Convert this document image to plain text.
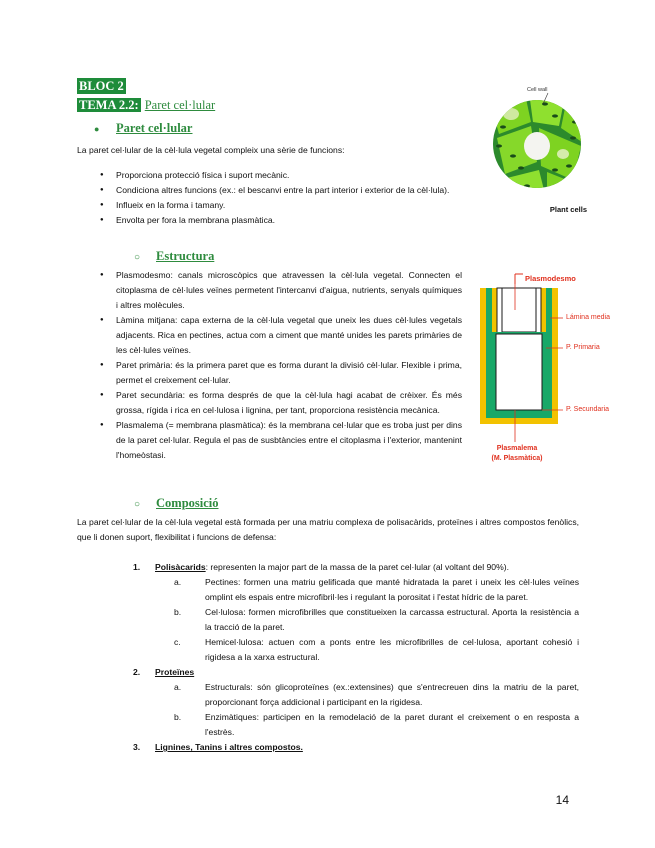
BLOC 2
TEMA 2.2: Paret cel·lular
● Paret cel·lular
La paret cel·lular de la cèl·lula vegetal compleix una sèrie de funcions:
● Proporciona protecció física i suport mecànic.
● Condiciona altres funcions (ex.: el bescanvi entre la part interior i exterior de la cèl·lula).
● Influeix en la forma i tamany.
● Envolta per fora la membrana plasmàtica.
Plant cells
Cell wall
○ Estructura
● Plasmodesmo: canals microscòpics que atravessen la cèl·lula vegetal. Connecten el citoplasma de cèl·lules veïnes permetent l'intercanvi d'aigua, nutrients, senyals químiques i altres molècules.
● Làmina mitjana: capa externa de la cèl·lula vegetal que uneix les dues cèl·lules vegetals adjacents. Rica en pectines, actua com a ciment que manté unides les parets primàries de les cèl·lules veïnes.
● Paret primària: és la primera paret que es forma durant la divisió cèl·lular. Flexible i prima, permet el creixement cel·lular.
● Paret secundària: es forma després de que la cèl·lula hagi acabat de crèixer. És més grossa, rígida i rica en cel·lulosa i lignina, per tant, proporciona resistència mecànica.
● Plasmalema (= membrana plasmàtica): és la membrana cel·lular que es troba just per dins de la paret cel·lular. Regula el pas de susbtàncies entre el citoplasma i l'exterior, mantenint l'homeòstasi.
Plasmodesmo
Lámina media
P. Primaria
P. Secundaria
Plasmalema
(M. Plasmàtica)
○ Composició
La paret cel·lular de la cèl·lula vegetal està formada per una matriu complexa de polisacàrids, proteïnes i altres compostos fenòlics, que li donen suport, flexibilitat i funcions de defensa:
1. Polisàcarids: representen la major part de la massa de la paret cel·lular (al voltant del 90%).
a.	Pectines: formen una matriu gelificada que manté hidratada la paret i uneix les cèl·lules veïnes omplint els espais entre microfibril·les i regulant la porositat i l'estat hídric de la paret.
b.	Cel·lulosa: formen microfibrilles que constitueixen la carcassa estructural. Aporta la resistència a la tracció de la paret.
c.	Hemicel·lulosa: actuen com a ponts entre les microfibrilles de cel·lulosa, aportant cohesió i rigidesa a la xarxa estructural.
2. Proteïnes
a.	Estructurals: són glicoproteïnes (ex.:extensines) que s'entrecreuen dins la matriu de la paret, proporcionant força addicional i participant en la rigidesa.
b.	Enzimàtiques: participen en la remodelació de la paret durant el creixement o en resposta a l'estrès.
3. Lignines, Tanins i altres compostos.
14
